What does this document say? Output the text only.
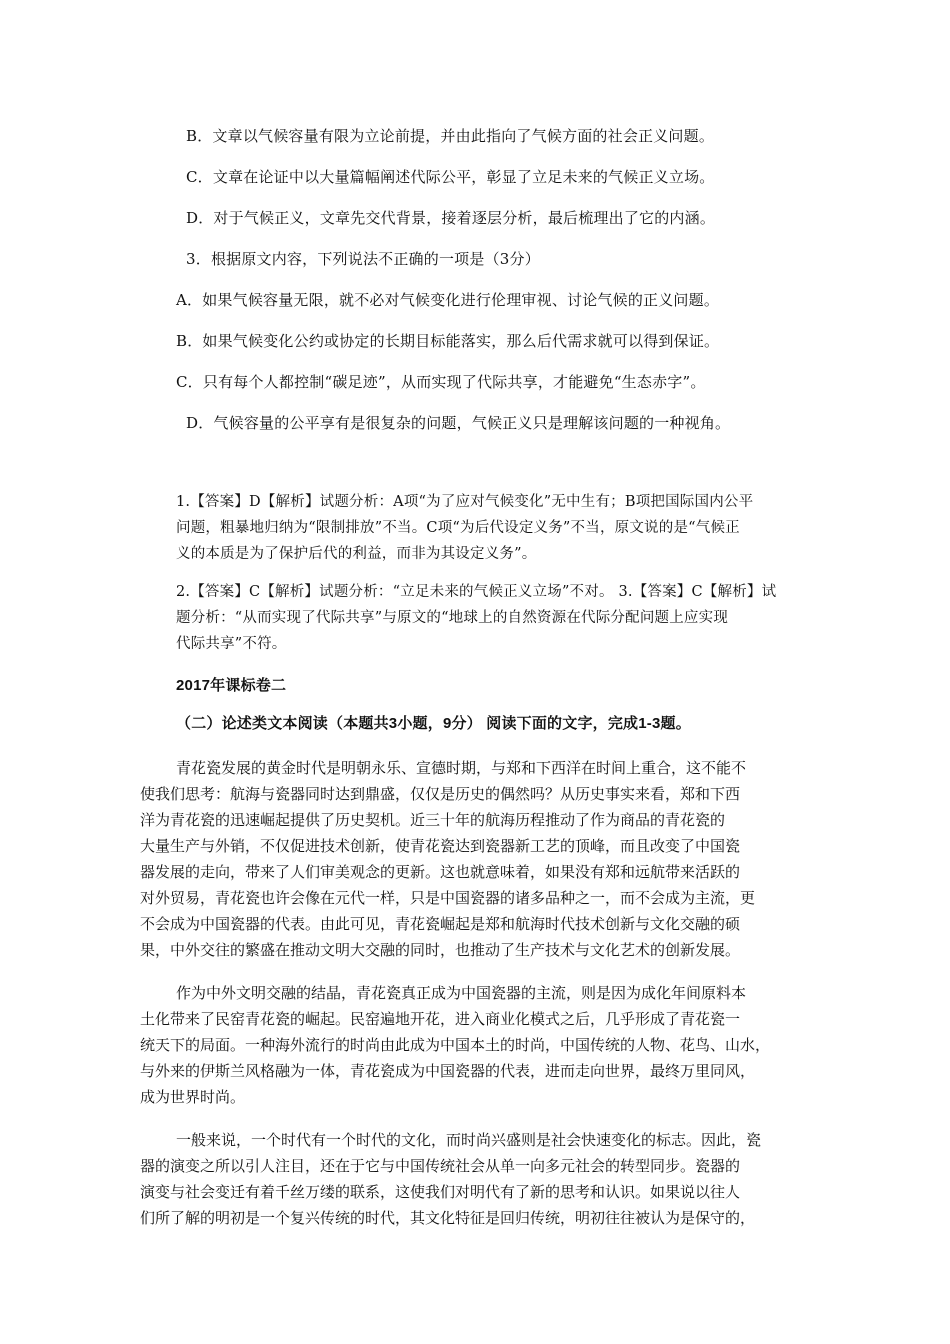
B．文章以气候容量有限为立论前提，并由此指向了气候方面的社会正义问题。
C．文章在论证中以大量篇幅阐述代际公平，彰显了立足未来的气候正义立场。
D．对于气候正义，文章先交代背景，接着逐层分析，最后梳理出了它的内涵。
3．根据原文内容，下列说法不正确的一项是（3分）
A．如果气候容量无限，就不必对气候变化进行伦理审视、讨论气候的正义问题。
B．如果气候变化公约或协定的长期目标能落实，那么后代需求就可以得到保证。
C．只有每个人都控制“碳足迹”，从而实现了代际共享，才能避免“生态赤字”。
D．气候容量的公平享有是很复杂的问题，气候正义只是理解该问题的一种视角。
1.【答案】D【解析】试题分析：A项“为了应对气候变化”无中生有；B项把国际国内公平
问题，粗暴地归纳为“限制排放”不当。C项“为后代设定义务”不当，原文说的是“气候正
义的本质是为了保护后代的利益，而非为其设定义务”。
2.【答案】C【解析】试题分析：“立足未来的气候正义立场”不对。 3.【答案】C【解析】试
题分析：“从而实现了代际共享”与原文的“地球上的自然资源在代际分配问题上应实现
代际共享”不符。
2017年课标卷二
（二）论述类文本阅读（本题共3小题，9分） 阅读下面的文字，完成1-3题。
青花瓷发展的黄金时代是明朝永乐、宣德时期，与郑和下西洋在时间上重合，这不能不
使我们思考：航海与瓷器同时达到鼎盛，仅仅是历史的偶然吗？从历史事实来看，郑和下西
洋为青花瓷的迅速崛起提供了历史契机。近三十年的航海历程推动了作为商品的青花瓷的
大量生产与外销，不仅促进技术创新，使青花瓷达到瓷器新工艺的顶峰，而且改变了中国瓷
器发展的走向，带来了人们审美观念的更新。这也就意味着，如果没有郑和远航带来活跃的
对外贸易，青花瓷也许会像在元代一样，只是中国瓷器的诸多品种之一，而不会成为主流，更
不会成为中国瓷器的代表。由此可见，青花瓷崛起是郑和航海时代技术创新与文化交融的硕
果，中外交往的繁盛在推动文明大交融的同时，也推动了生产技术与文化艺术的创新发展。
作为中外文明交融的结晶，青花瓷真正成为中国瓷器的主流，则是因为成化年间原料本
土化带来了民窑青花瓷的崛起。民窑遍地开花，进入商业化模式之后，几乎形成了青花瓷一
统天下的局面。一种海外流行的时尚由此成为中国本土的时尚，中国传统的人物、花鸟、山水，
与外来的伊斯兰风格融为一体，青花瓷成为中国瓷器的代表，进而走向世界，最终万里同风，
成为世界时尚。
一般来说，一个时代有一个时代的文化，而时尚兴盛则是社会快速变化的标志。因此，瓷
器的演变之所以引人注目，还在于它与中国传统社会从单一向多元社会的转型同步。瓷器的
演变与社会变迁有着千丝万缕的联系，这使我们对明代有了新的思考和认识。如果说以往人
们所了解的明初是一个复兴传统的时代，其文化特征是回归传统，明初往往被认为是保守的，
